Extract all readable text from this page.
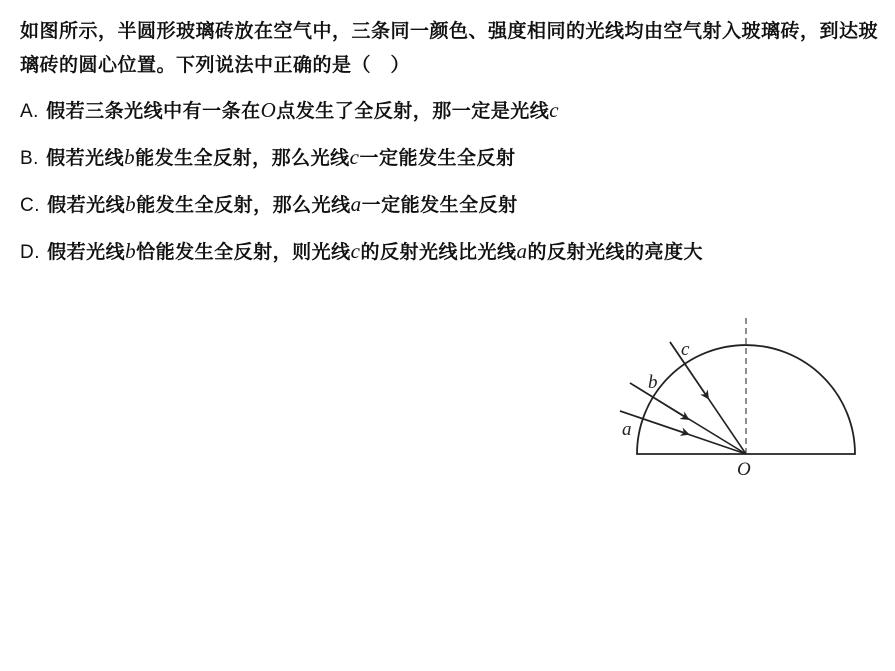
如图所示，半圆形玻璃砖放在空气中，三条同一颜色、强度相同的光线均由空气射入玻璃砖，到达玻璃砖的圆心位置。下列说法中正确的是（　）

A. 假若三条光线中有一条在O点发生了全反射，那一定是光线c
B. 假若光线b能发生全反射，那么光线c一定能发生全反射
C. 假若光线b能发生全反射，那么光线a一定能发生全反射
D. 假若光线b恰能发生全反射，则光线c的反射光线比光线a的反射光线的亮度大
c
b
a
O
